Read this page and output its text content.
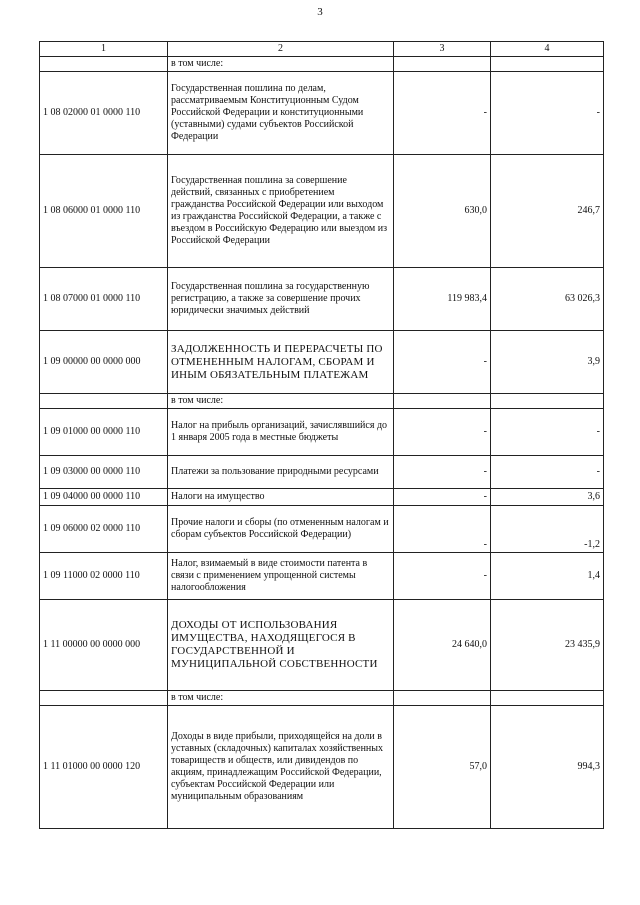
3
1	2	3	4
	в том числе:		
1 08 02000 01 0000 110	Государственная пошлина по делам, рассматриваемым Конституционным Судом Российской Федерации и конституционными (уставными) судами субъектов Российской Федерации	-	-
1 08 06000 01 0000 110	Государственная пошлина за совершение действий, связанных с приобретением гражданства Российской Федерации или выходом из гражданства Российской Федерации, а также с въездом в Российскую Федерацию или выездом из Российской Федерации	630,0	246,7
1 08 07000 01 0000 110	Государственная пошлина за государственную регистрацию, а также за совершение прочих юридически значимых действий	119 983,4	63 026,3
1 09 00000 00 0000 000	ЗАДОЛЖЕННОСТЬ И ПЕРЕРАСЧЕТЫ ПО ОТМЕНЕННЫМ НАЛОГАМ, СБОРАМ И ИНЫМ ОБЯЗАТЕЛЬНЫМ ПЛАТЕЖАМ	-	3,9
	в том числе:		
1 09 01000 00 0000 110	Налог на прибыль организаций, зачислявшийся до 1 января 2005 года в местные бюджеты	-	-
1 09 03000 00 0000 110	Платежи за пользование природными ресурсами	-	-
1 09 04000 00 0000 110	Налоги на имущество	-	3,6
1 09 06000 02 0000 110	Прочие налоги и сборы (по отмененным налогам и сборам субъектов Российской Федерации)	-	-1,2
1 09 11000 02 0000 110	Налог, взимаемый в виде стоимости патента в связи с применением упрощенной системы налогообложения	-	1,4
1 11 00000 00 0000 000	ДОХОДЫ ОТ ИСПОЛЬЗОВАНИЯ ИМУЩЕСТВА, НАХОДЯЩЕГОСЯ В ГОСУДАРСТВЕННОЙ И МУНИЦИПАЛЬНОЙ СОБСТВЕННОСТИ	24 640,0	23 435,9
	в том числе:		
1 11 01000 00 0000 120	Доходы в виде прибыли, приходящейся на доли в уставных (складочных) капиталах хозяйственных товариществ и обществ, или дивидендов по акциям, принадлежащим Российской Федерации, субъектам Российской Федерации или муниципальным образованиям	57,0	994,3
